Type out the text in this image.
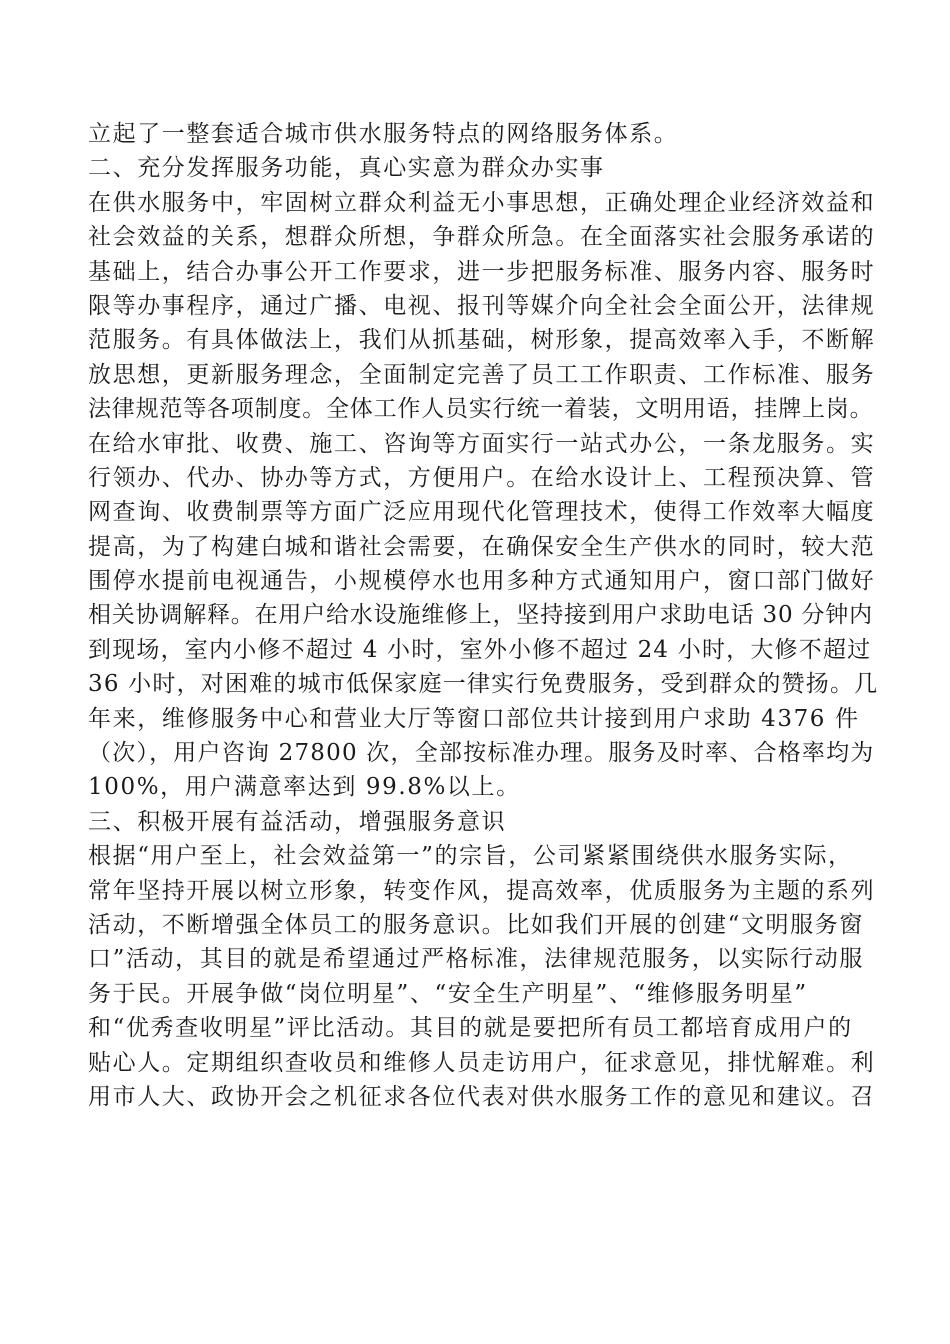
立起了一整套适合城市供水服务特点的网络服务体系。
二、充分发挥服务功能，真心实意为群众办实事
在供水服务中，牢固树立群众利益无小事思想，正确处理企业经济效益和
社会效益的关系，想群众所想，争群众所急。在全面落实社会服务承诺的
基础上，结合办事公开工作要求，进一步把服务标准、服务内容、服务时
限等办事程序，通过广播、电视、报刊等媒介向全社会全面公开，法律规
范服务。有具体做法上，我们从抓基础，树形象，提高效率入手，不断解
放思想，更新服务理念，全面制定完善了员工工作职责、工作标准、服务
法律规范等各项制度。全体工作人员实行统一着装，文明用语，挂牌上岗。
在给水审批、收费、施工、咨询等方面实行一站式办公，一条龙服务。实
行领办、代办、协办等方式，方便用户。在给水设计上、工程预决算、管
网查询、收费制票等方面广泛应用现代化管理技术，使得工作效率大幅度
提高，为了构建白城和谐社会需要，在确保安全生产供水的同时，较大范
围停水提前电视通告，小规模停水也用多种方式通知用户，窗口部门做好
相关协调解释。在用户给水设施维修上，坚持接到用户求助电话 30 分钟内
到现场，室内小修不超过 4 小时，室外小修不超过 24 小时，大修不超过
36 小时，对困难的城市低保家庭一律实行免费服务，受到群众的赞扬。几
年来，维修服务中心和营业大厅等窗口部位共计接到用户求助 4376 件
（次），用户咨询 27800 次，全部按标准办理。服务及时率、合格率均为
100%，用户满意率达到 99.8%以上。
三、积极开展有益活动，增强服务意识
根据“用户至上，社会效益第一”的宗旨，公司紧紧围绕供水服务实际，
常年坚持开展以树立形象，转变作风，提高效率，优质服务为主题的系列
活动，不断增强全体员工的服务意识。比如我们开展的创建“文明服务窗
口”活动，其目的就是希望通过严格标准，法律规范服务，以实际行动服
务于民。开展争做“岗位明星”、“安全生产明星”、“维修服务明星”
和“优秀查收明星”评比活动。其目的就是要把所有员工都培育成用户的
贴心人。定期组织查收员和维修人员走访用户，征求意见，排忧解难。利
用市人大、政协开会之机征求各位代表对供水服务工作的意见和建议。召
